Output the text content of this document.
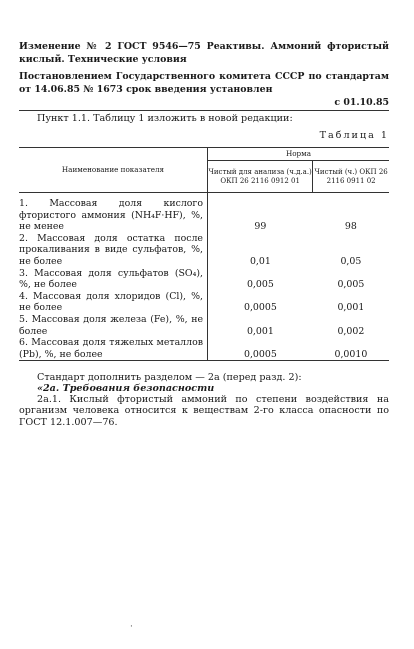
Изменение № 2 ГОСТ 9546—75 Реактивы. Аммоний фтористый кислый. Технические условия
Постановлением Государственного комитета СССР по стандартам от 14.06.85 № 1673 срок введения установлен
с 01.10.85
Пункт 1.1. Таблицу 1 изложить в новой редакции:
Таблица 1
Наименование показателя	Норма	
	Чистый для анализа (ч.д.а.) ОКП 26 2116 0912 01	Чистый (ч.) ОКП 26 2116 0911 02
1. Массовая доля кислого фтористого аммония (NH₄F·HF), %, не менее	99	98
2. Массовая доля остатка после прокаливания в виде сульфатов, %, не более	0,01	0,05
3. Массовая доля сульфатов (SO₄), %, не более	0,005	0,005
4. Массовая доля хлоридов (Cl), %, не более	0,0005	0,001
5. Массовая доля железа (Fe), %, не более	0,001	0,002
6. Массовая доля тяжелых металлов (Pb), %, не более	0,0005	0,0010
Стандарт дополнить разделом — 2а (перед разд. 2):
«2а. Требования безопасности
2а.1. Кислый фтористый аммоний по степени воздействия на организм человека относится к веществам 2-го класса опасности по ГОСТ 12.1.007—76.
·
